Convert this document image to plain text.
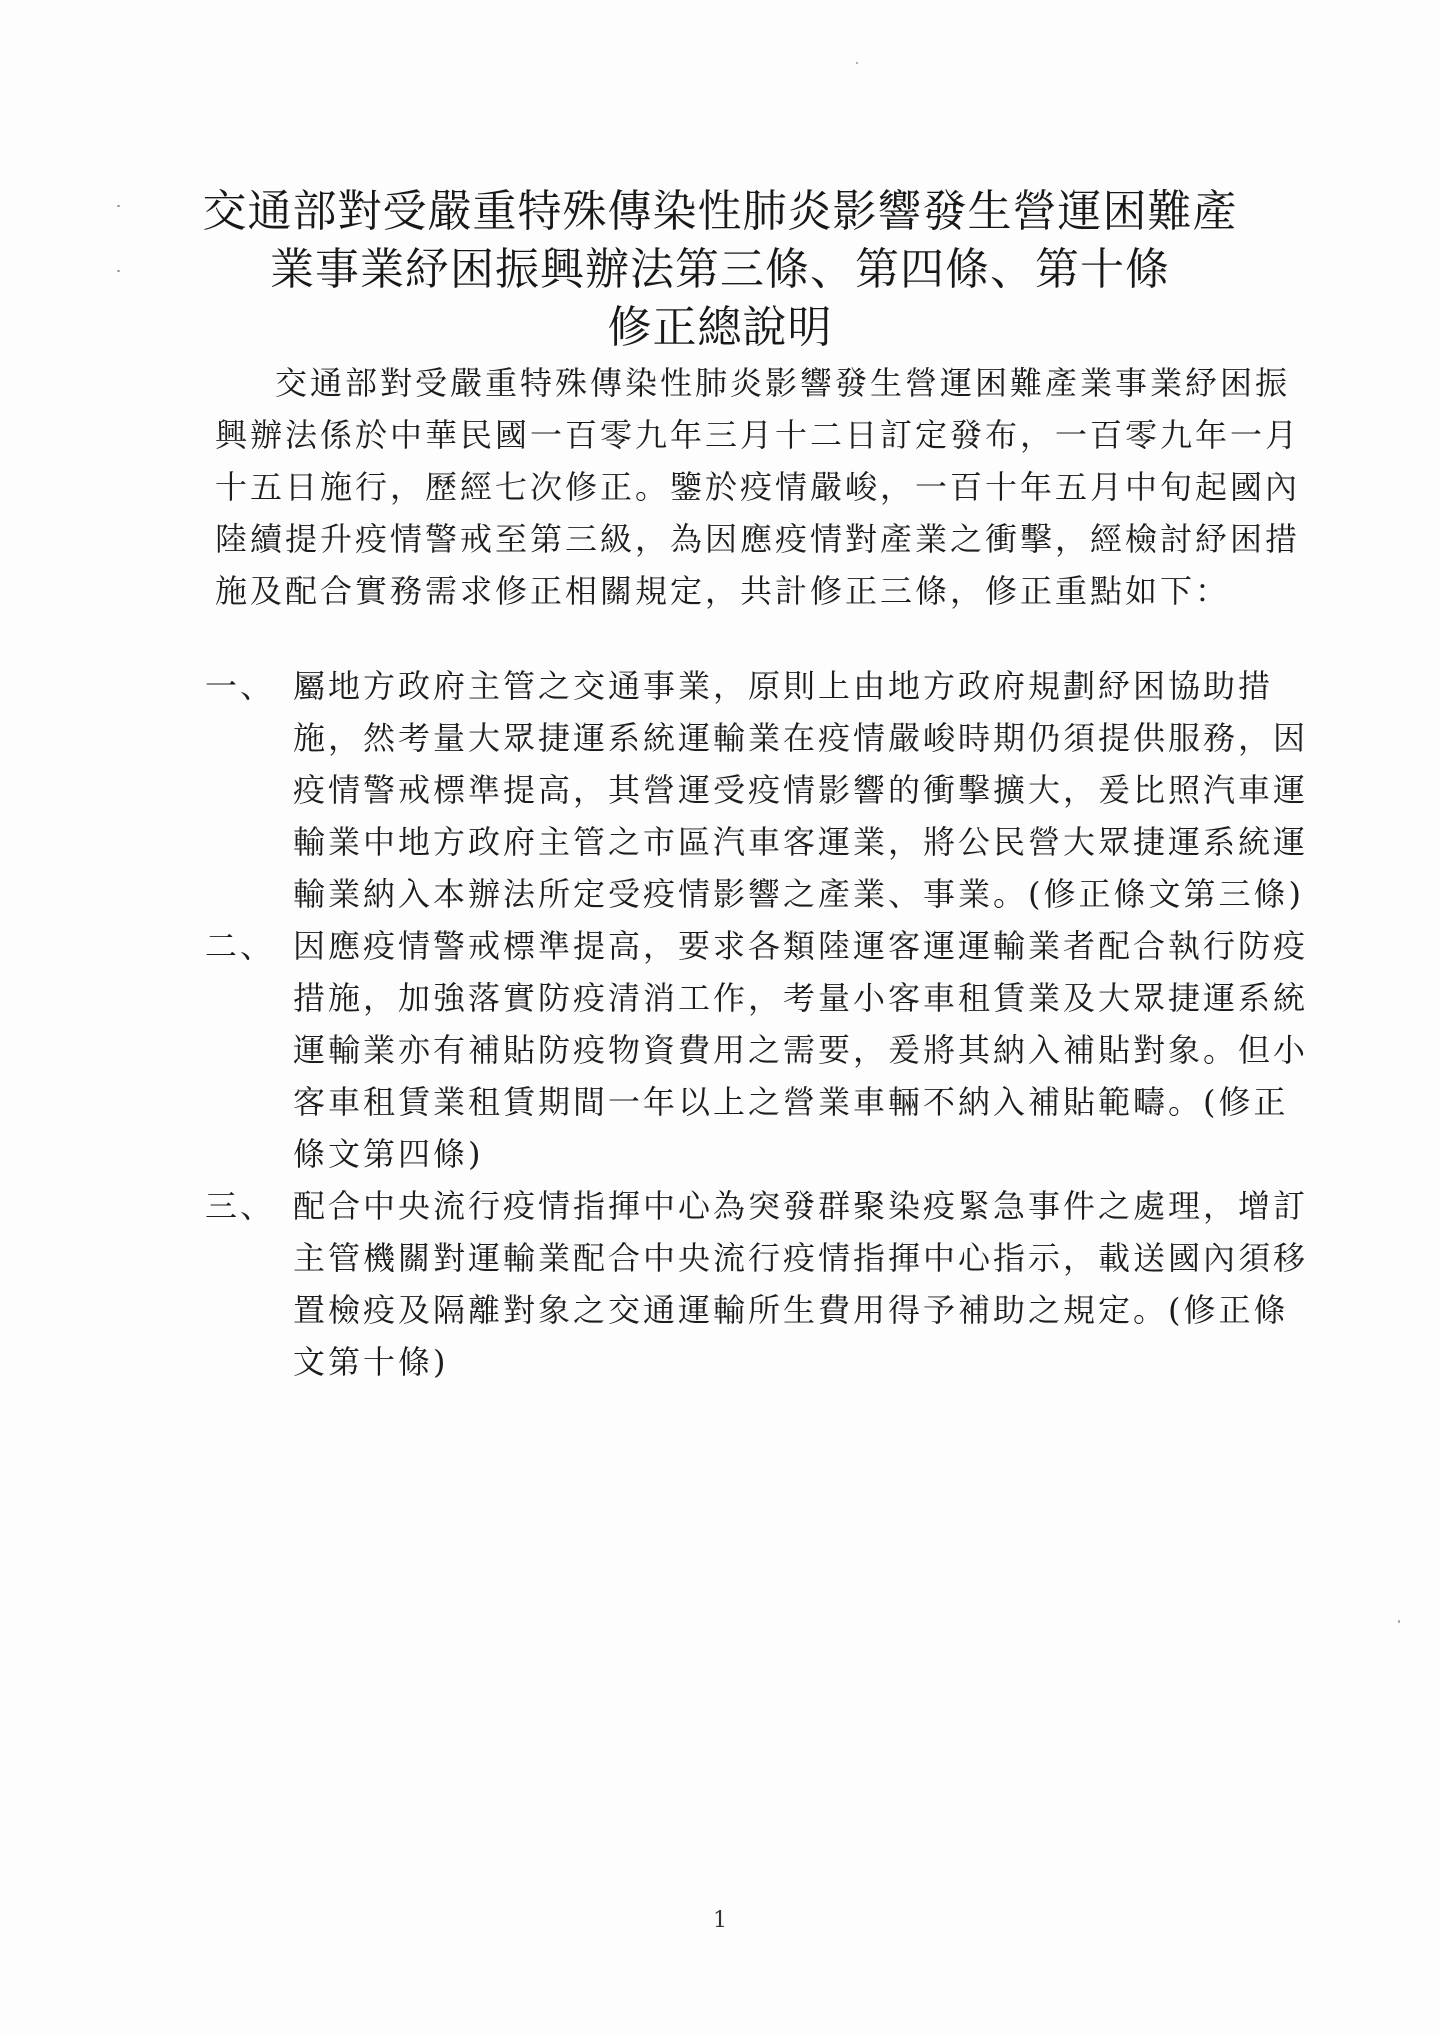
交通部對受嚴重特殊傳染性肺炎影響發生營運困難產
業事業紓困振興辦法第三條、第四條、第十條
修正總說明
交通部對受嚴重特殊傳染性肺炎影響發生營運困難產業事業紓困振
興辦法係於中華民國一百零九年三月十二日訂定發布，一百零九年一月
十五日施行，歷經七次修正。鑒於疫情嚴峻，一百十年五月中旬起國內
陸續提升疫情警戒至第三級，為因應疫情對產業之衝擊，經檢討紓困措
施及配合實務需求修正相關規定，共計修正三條，修正重點如下：
一、 屬地方政府主管之交通事業，原則上由地方政府規劃紓困協助措
施，然考量大眾捷運系統運輸業在疫情嚴峻時期仍須提供服務，因
疫情警戒標準提高，其營運受疫情影響的衝擊擴大，爰比照汽車運
輸業中地方政府主管之市區汽車客運業，將公民營大眾捷運系統運
輸業納入本辦法所定受疫情影響之產業、事業。(修正條文第三條)
二、 因應疫情警戒標準提高，要求各類陸運客運運輸業者配合執行防疫
措施，加強落實防疫清消工作，考量小客車租賃業及大眾捷運系統
運輸業亦有補貼防疫物資費用之需要，爰將其納入補貼對象。但小
客車租賃業租賃期間一年以上之營業車輛不納入補貼範疇。(修正
條文第四條)
三、 配合中央流行疫情指揮中心為突發群聚染疫緊急事件之處理，增訂
主管機關對運輸業配合中央流行疫情指揮中心指示，載送國內須移
置檢疫及隔離對象之交通運輸所生費用得予補助之規定。(修正條
文第十條)
1
